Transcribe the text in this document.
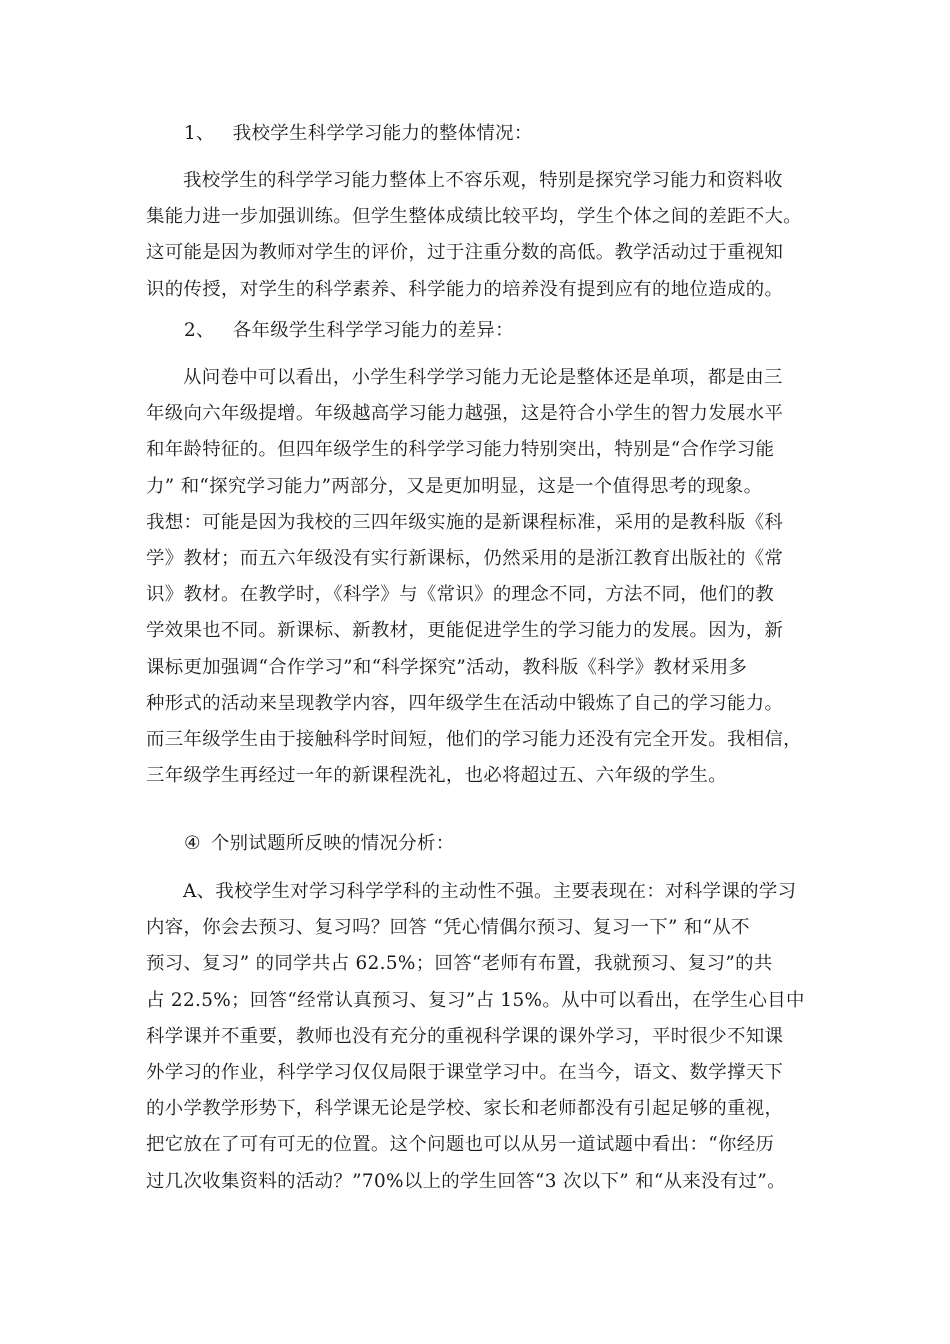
1、 我校学生科学学习能力的整体情况：
我校学生的科学学习能力整体上不容乐观，特别是探究学习能力和资料收
集能力进一步加强训练。但学生整体成绩比较平均，学生个体之间的差距不大。
这可能是因为教师对学生的评价，过于注重分数的高低。教学活动过于重视知
识的传授，对学生的科学素养、科学能力的培养没有提到应有的地位造成的。
2、 各年级学生科学学习能力的差异：
从问卷中可以看出，小学生科学学习能力无论是整体还是单项，都是由三
年级向六年级提增。年级越高学习能力越强，这是符合小学生的智力发展水平
和年龄特征的。但四年级学生的科学学习能力特别突出，特别是“合作学习能
力” 和“探究学习能力”两部分，又是更加明显，这是一个值得思考的现象。
我想：可能是因为我校的三四年级实施的是新课程标准，采用的是教科版《科
学》教材；而五六年级没有实行新课标，仍然采用的是浙江教育出版社的《常
识》教材。在教学时，《科学》与《常识》的理念不同，方法不同，他们的教
学效果也不同。新课标、新教材，更能促进学生的学习能力的发展。因为，新
课标更加强调“合作学习”和“科学探究”活动，教科版《科学》教材采用多
种形式的活动来呈现教学内容，四年级学生在活动中锻炼了自己的学习能力。
而三年级学生由于接触科学时间短，他们的学习能力还没有完全开发。我相信，
三年级学生再经过一年的新课程洗礼，也必将超过五、六年级的学生。
④ 个别试题所反映的情况分析：
A、我校学生对学习科学学科的主动性不强。主要表现在：对科学课的学习
内容，你会去预习、复习吗？回答 “凭心情偶尔预习、复习一下” 和“从不
预习、复习” 的同学共占 62.5%；回答“老师有布置，我就预习、复习”的共
占 22.5%；回答“经常认真预习、复习”占 15%。从中可以看出，在学生心目中
科学课并不重要，教师也没有充分的重视科学课的课外学习，平时很少不知课
外学习的作业，科学学习仅仅局限于课堂学习中。在当今，语文、数学撑天下
的小学教学形势下，科学课无论是学校、家长和老师都没有引起足够的重视，
把它放在了可有可无的位置。这个问题也可以从另一道试题中看出：“你经历
过几次收集资料的活动？”70%以上的学生回答“3 次以下” 和“从来没有过”。
